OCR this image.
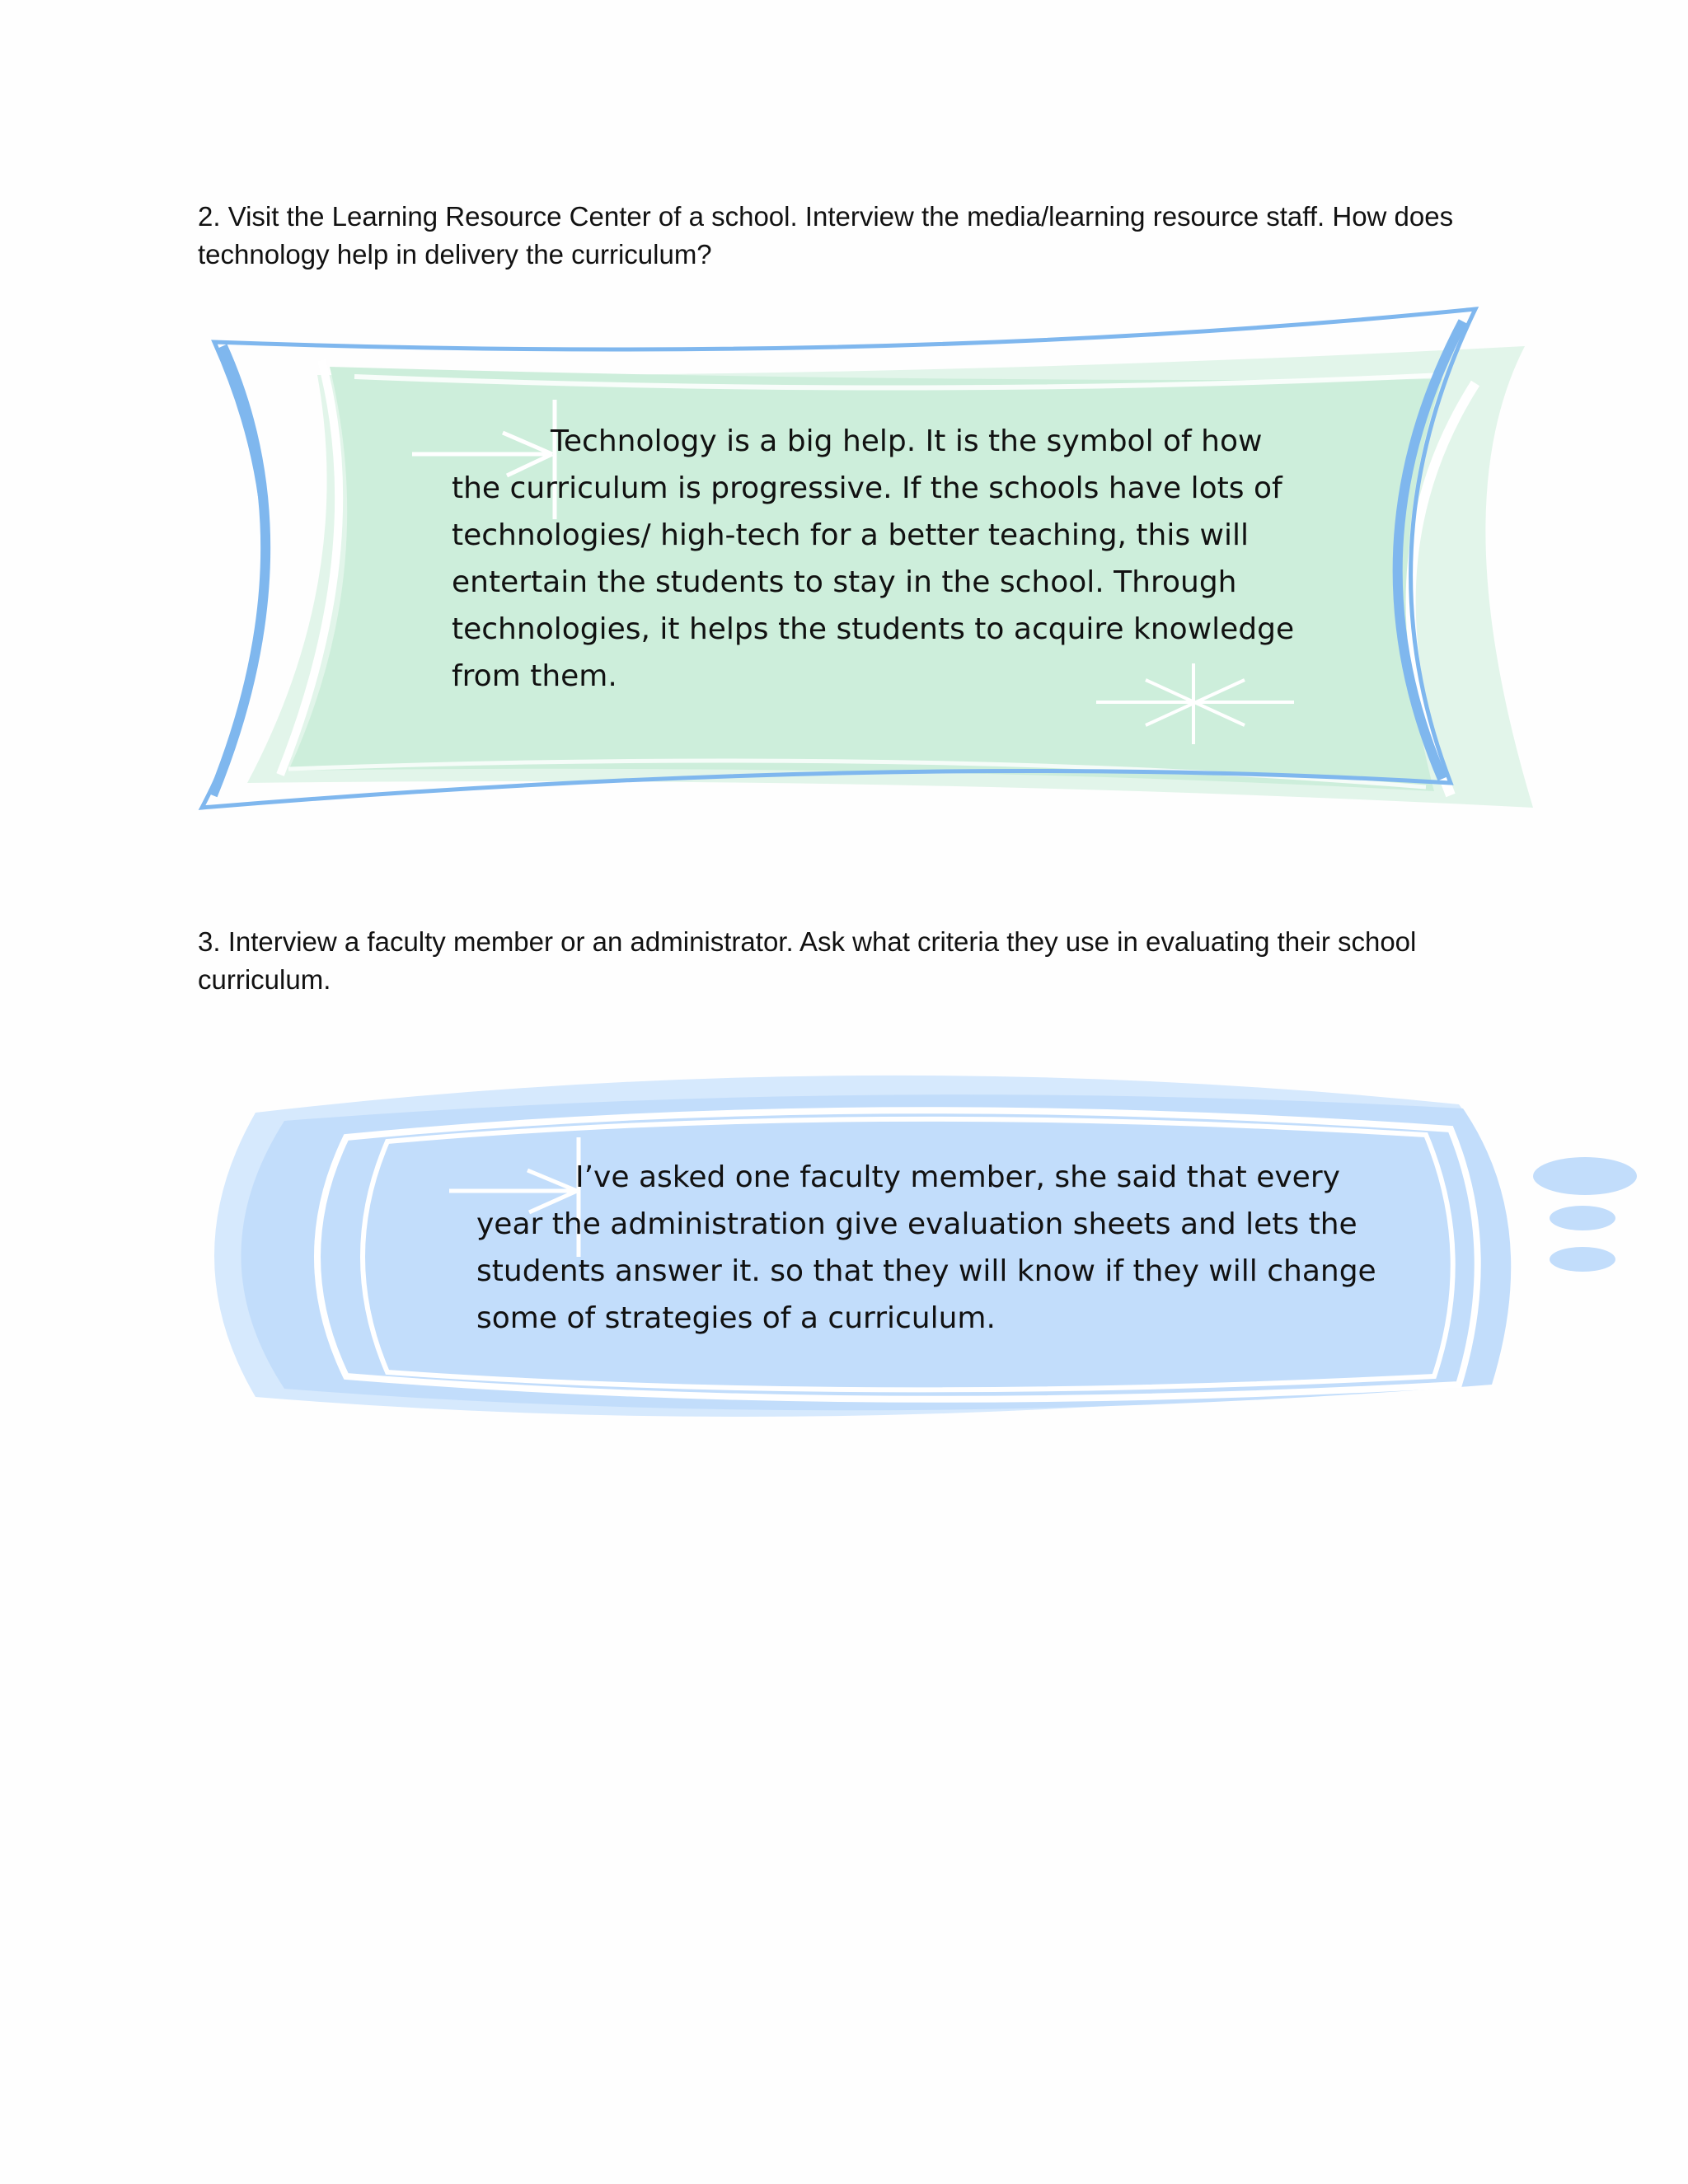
2. Visit the Learning Resource Center of a school. Interview the media/learning resource staff. How does technology help in delivery the curriculum?

Technology is a big help. It is the symbol of how the curriculum is progressive. If the schools have lots of technologies/ high-tech for a better teaching, this will entertain the students to stay in the school. Through technologies, it helps the students to acquire knowledge from them.

3. Interview a faculty member or an administrator. Ask what criteria they use in evaluating their school curriculum.

I’ve asked one faculty member, she said that every year the administration give evaluation sheets and lets the students answer it. so that they will know if they will change some of strategies of a curriculum.
